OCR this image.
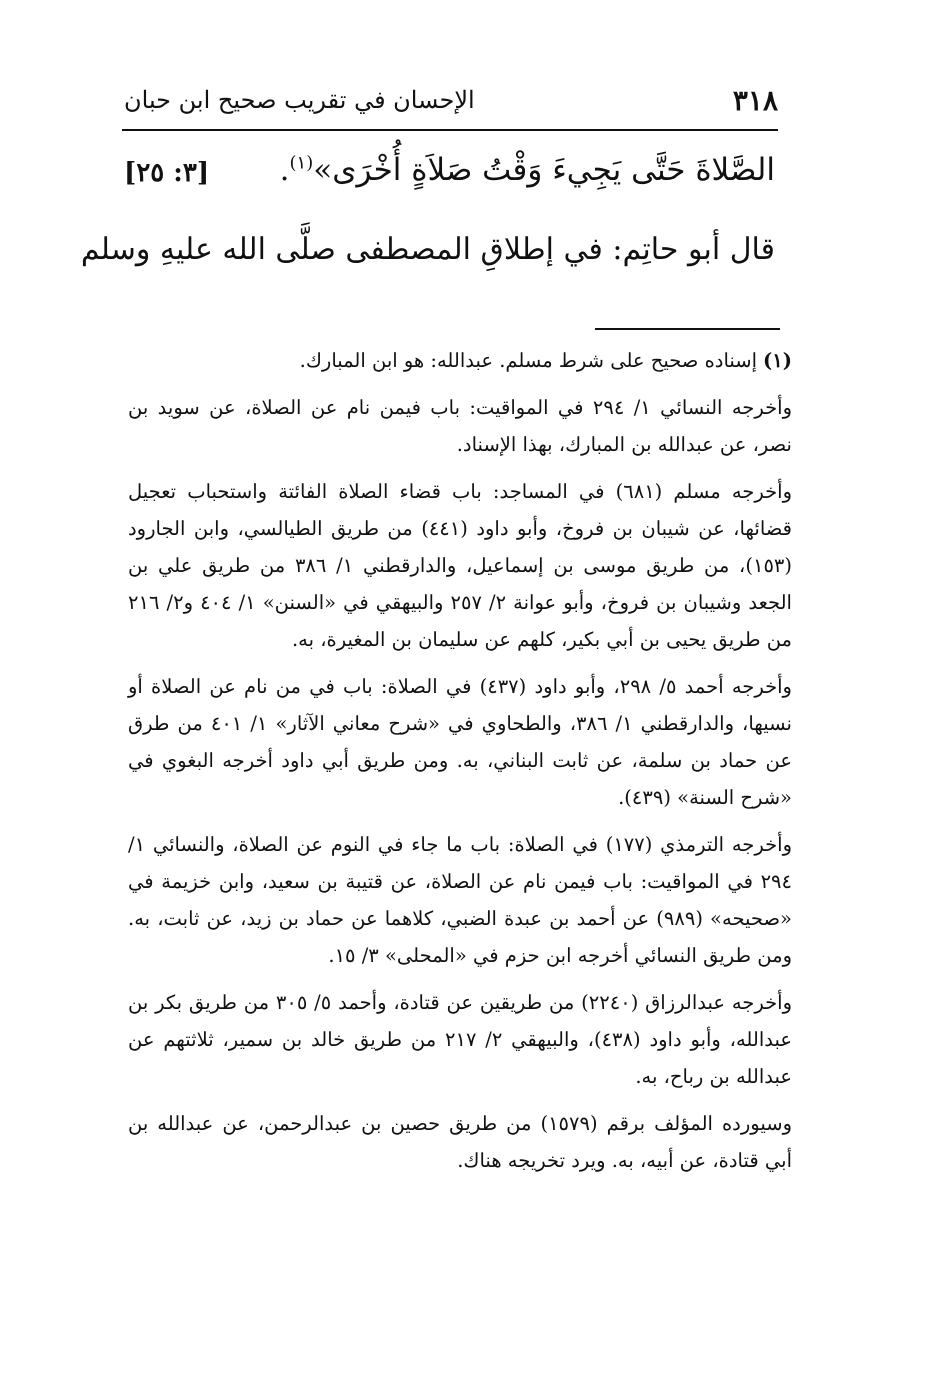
٣١٨
الإحسان في تقريب صحيح ابن حبان
الصَّلاةَ حَتَّى يَجِيءَ وَقْتُ صَلاَةٍ أُخْرَى»$^{(١)}$.
[٣: ٢٥]
قال أبو حاتِم: في إطلاقِ المصطفى صلَّى الله عليهِ وسلم

(١)إسناده صحيح على شرط مسلم. عبدالله: هو ابن المبارك.

وأخرجه النسائي ١/ ٢٩٤ في المواقيت: باب فيمن نام عن الصلاة، عن سويد بن نصر، عن عبدالله بن المبارك، بهذا الإسناد.

وأخرجه مسلم (٦٨١) في المساجد: باب قضاء الصلاة الفائتة واستحباب تعجيل قضائها، عن شيبان بن فروخ، وأبو داود (٤٤١) من طريق الطيالسي، وابن الجارود (١٥٣)، من طريق موسى بن إسماعيل، والدارقطني ١/ ٣٨٦ من طريق علي بن الجعد وشيبان بن فروخ، وأبو عوانة ٢/ ٢٥٧ والبيهقي في «السنن» ١/ ٤٠٤ و٢/ ٢١٦ من طريق يحيى بن أبي بكير، كلهم عن سليمان بن المغيرة، به.

وأخرجه أحمد ٥/ ٢٩٨، وأبو داود (٤٣٧) في الصلاة: باب في من نام عن الصلاة أو نسيها، والدارقطني ١/ ٣٨٦، والطحاوي في «شرح معاني الآثار» ١/ ٤٠١ من طرق عن حماد بن سلمة، عن ثابت البناني، به. ومن طريق أبي داود أخرجه البغوي في «شرح السنة» (٤٣٩).

وأخرجه الترمذي (١٧٧) في الصلاة: باب ما جاء في النوم عن الصلاة، والنسائي ١/ ٢٩٤ في المواقيت: باب فيمن نام عن الصلاة، عن قتيبة بن سعيد، وابن خزيمة في «صحيحه» (٩٨٩) عن أحمد بن عبدة الضبي، كلاهما عن حماد بن زيد، عن ثابت، به. ومن طريق النسائي أخرجه ابن حزم في «المحلى» ٣/ ١٥.

وأخرجه عبدالرزاق (٢٢٤٠) من طريقين عن قتادة، وأحمد ٥/ ٣٠٥ من طريق بكر بن عبدالله، وأبو داود (٤٣٨)، والبيهقي ٢/ ٢١٧ من طريق خالد بن سمير، ثلاثتهم عن عبدالله بن رباح، به.

وسيورده المؤلف برقم (١٥٧٩) من طريق حصين بن عبدالرحمن، عن عبدالله بن أبي قتادة، عن أبيه، به. ويرد تخريجه هناك.
